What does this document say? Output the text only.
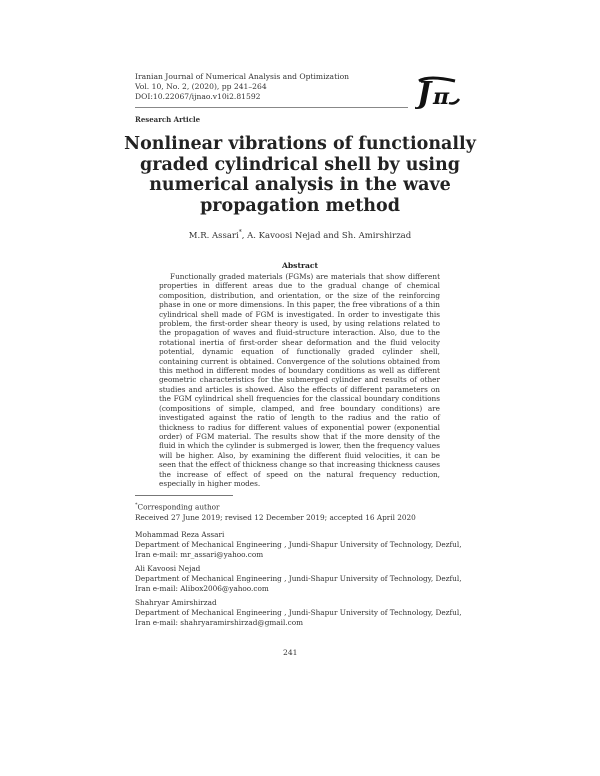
Iranian Journal of Numerical Analysis and Optimization
Vol. 10, No. 2, (2020), pp 241–264
DOI:10.22067/ijnao.v10i2.81592	J π
Research Article
Nonlinear vibrations of functionally graded cylindrical shell by using numerical analysis in the wave propagation method
M.R. Assari*, A. Kavoosi Nejad and Sh. Amirshirzad
Abstract

Functionally graded materials (FGMs) are materials that show different properties in different areas due to the gradual change of chemical composition, distribution, and orientation, or the size of the reinforcing phase in one or more dimensions. In this paper, the free vibrations of a thin cylindrical shell made of FGM is investigated. In order to investigate this problem, the first-order shear theory is used, by using relations related to the propagation of waves and fluid-structure interaction. Also, due to the rotational inertia of first-order shear deformation and the fluid velocity potential, dynamic equation of functionally graded cylinder shell, containing current is obtained. Convergence of the solutions obtained from this method in different modes of boundary conditions as well as different geometric characteristics for the submerged cylinder and results of other studies and articles is showed. Also the effects of different parameters on the FGM cylindrical shell frequencies for the classical boundary conditions (compositions of simple, clamped, and free boundary conditions) are investigated against the ratio of length to the radius and the ratio of thickness to radius for different values of exponential power (exponential order) of FGM material. The results show that if the more density of the fluid in which the cylinder is submerged is lower, then the frequency values will be higher. Also, by examining the different fluid velocities, it can be seen that the effect of thickness change so that increasing thickness causes the increase of effect of speed on the natural frequency reduction, especially in higher modes.

*Corresponding author
Received 27 June 2019; revised 12 December 2019; accepted 16 April 2020
Mohammad Reza Assari
Department of Mechanical Engineering , Jundi-Shapur University of Technology, Dezful,
Iran e-mail: mr_assari@yahoo.com
Ali Kavoosi Nejad
Department of Mechanical Engineering , Jundi-Shapur University of Technology, Dezful,
Iran e-mail: Alibox2006@yahoo.com
Shahryar Amirshirzad
Department of Mechanical Engineering , Jundi-Shapur University of Technology, Dezful,
Iran e-mail: shahryaramirshirzad@gmail.com
241
